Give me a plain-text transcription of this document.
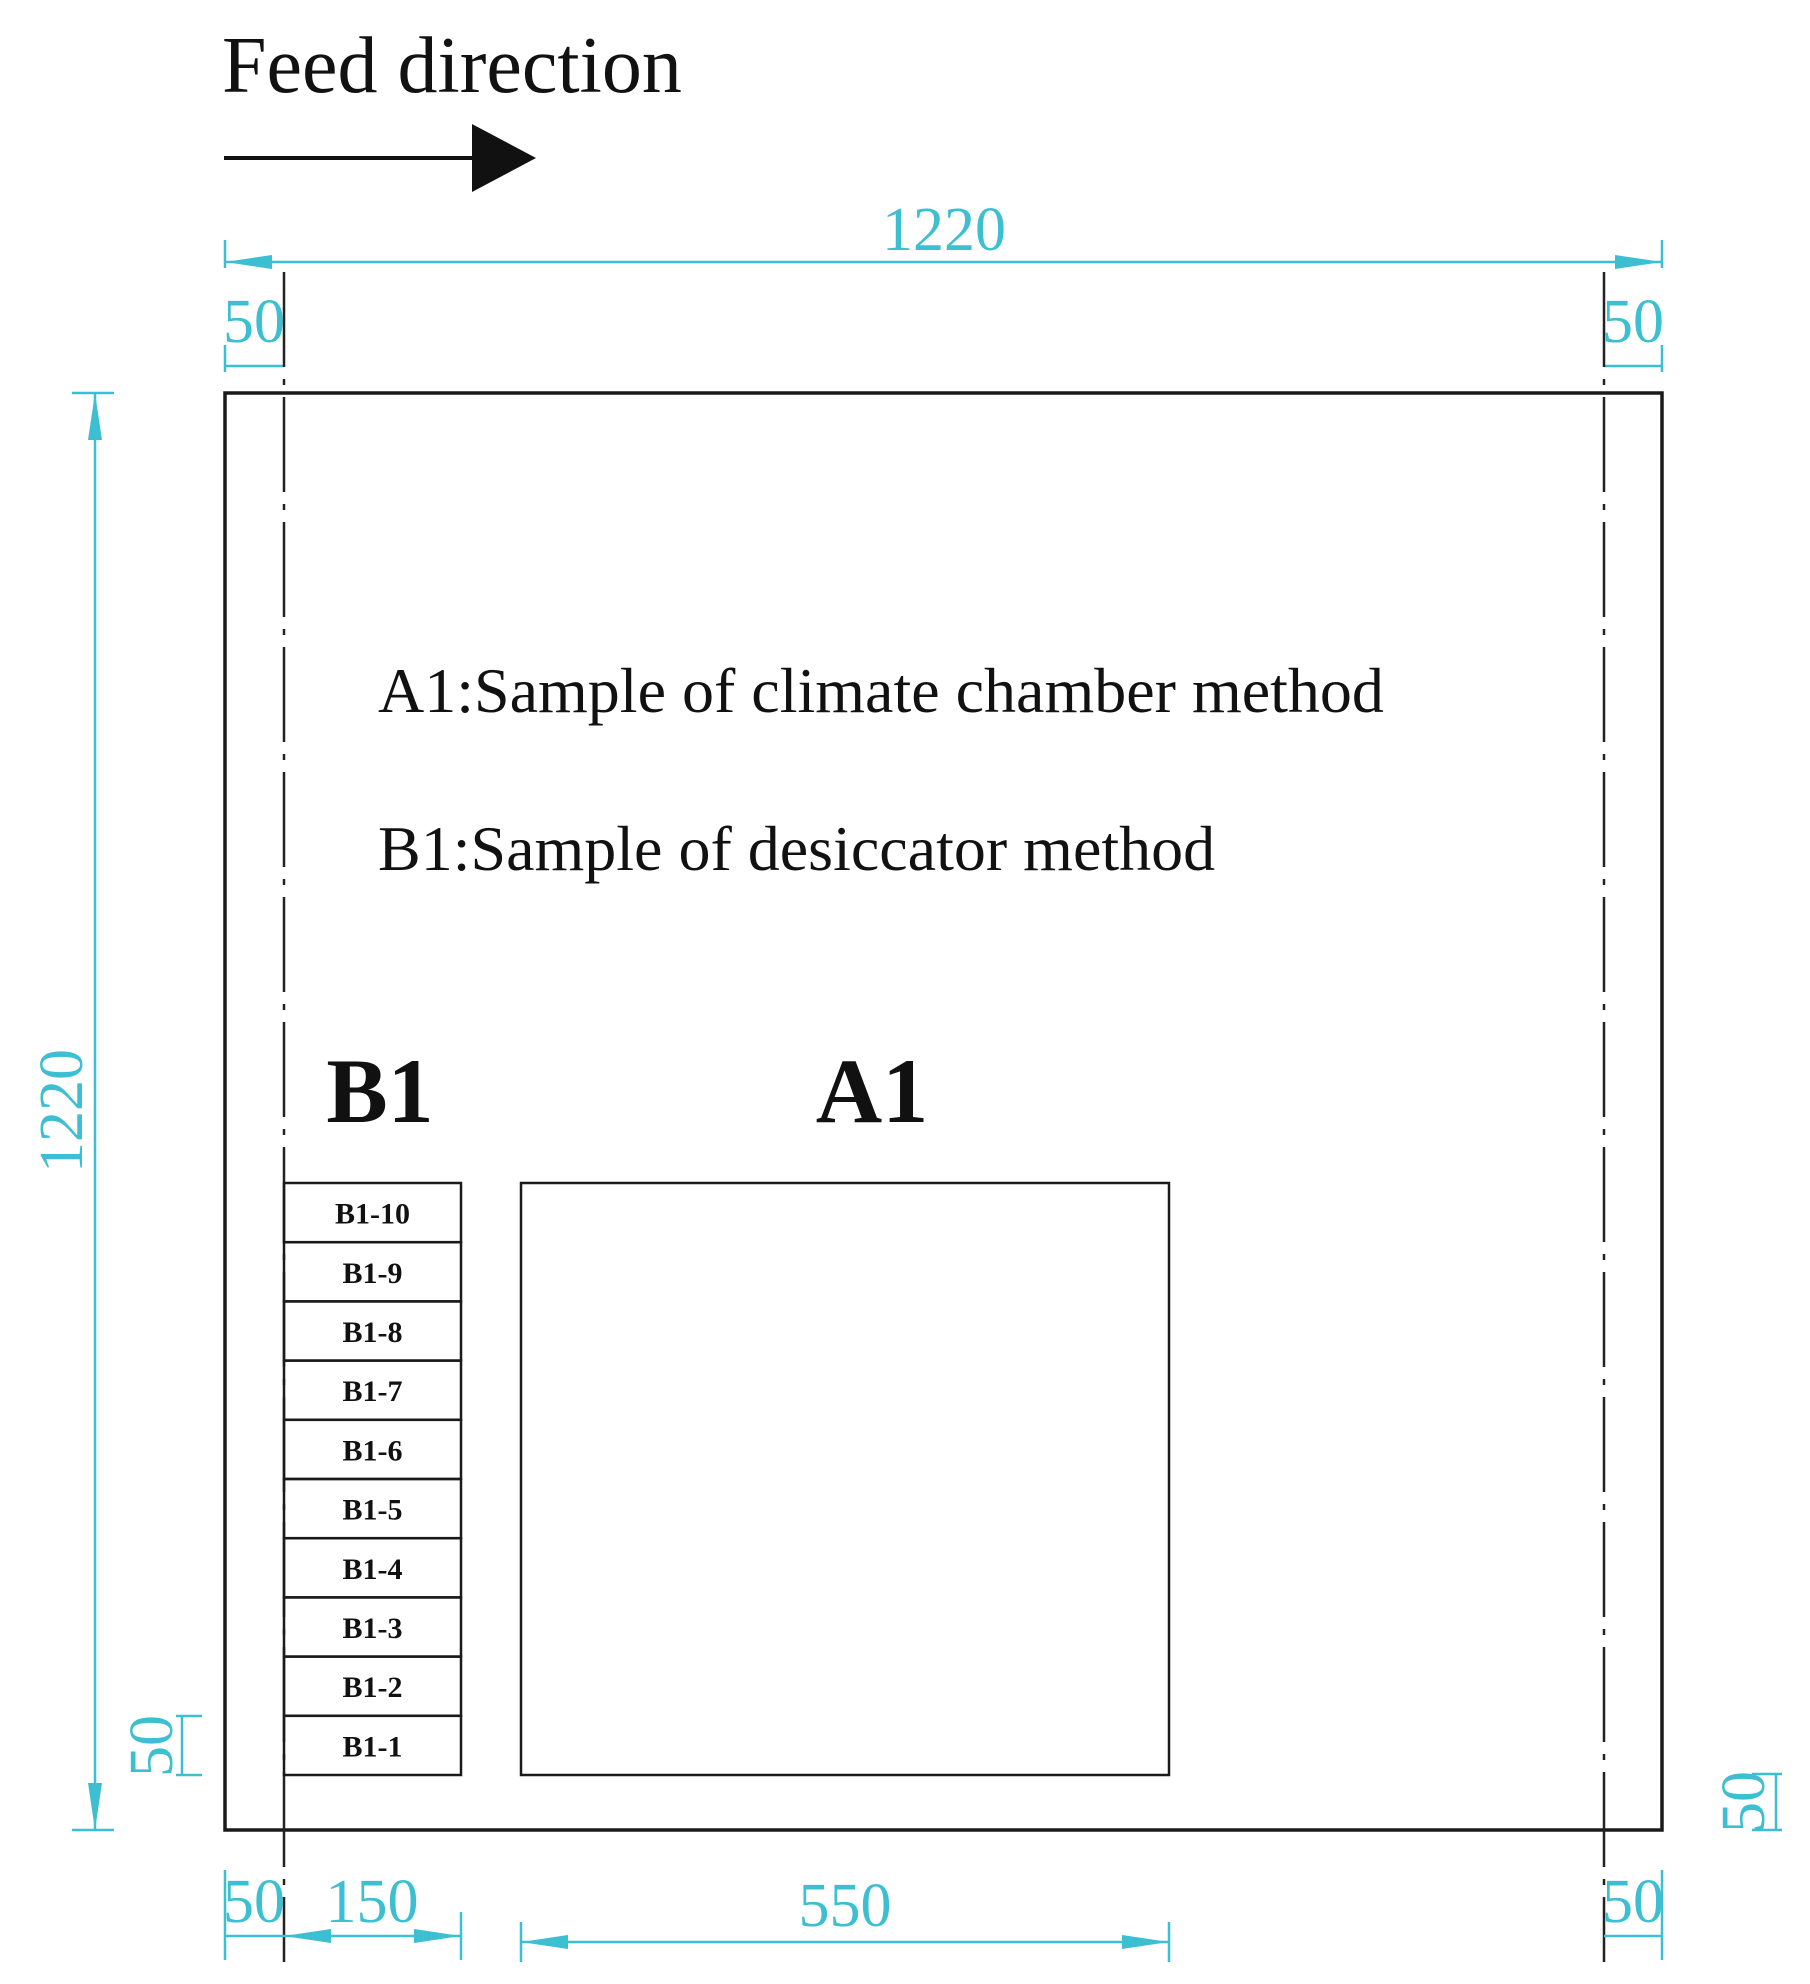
Feed direction
1220
50	50
1220
A1:Sample of climate chamber method
B1:Sample of desiccator method
B1	A1
B1-10
B1-9
B1-8
B1-7
B1-6
B1-5
B1-4
B1-3
B1-2
B1-1
50
50
50 150	550	50
